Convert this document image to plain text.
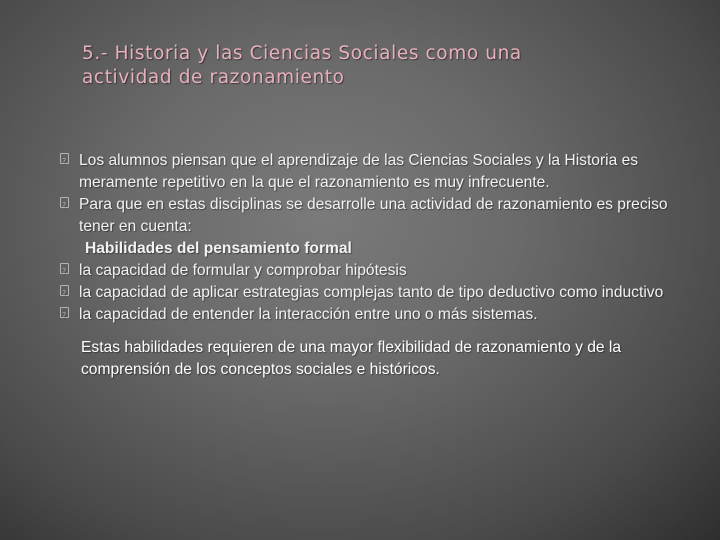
5.- Historia y las Ciencias Sociales como una
actividad de razonamiento
?
Los alumnos piensan que el aprendizaje de las Ciencias Sociales y la Historia es meramente repetitivo en la que el razonamiento es muy infrecuente.
?
Para que en estas disciplinas se desarrolle una actividad de razonamiento es preciso tener en cuenta:
Habilidades del pensamiento formal
?
la capacidad de formular y comprobar hipótesis
?
la capacidad de aplicar estrategias complejas tanto de tipo deductivo como inductivo
?
la capacidad de entender la interacción entre uno o más sistemas.
Estas habilidades requieren de una mayor flexibilidad de razonamiento y de la comprensión de los conceptos sociales e históricos.
